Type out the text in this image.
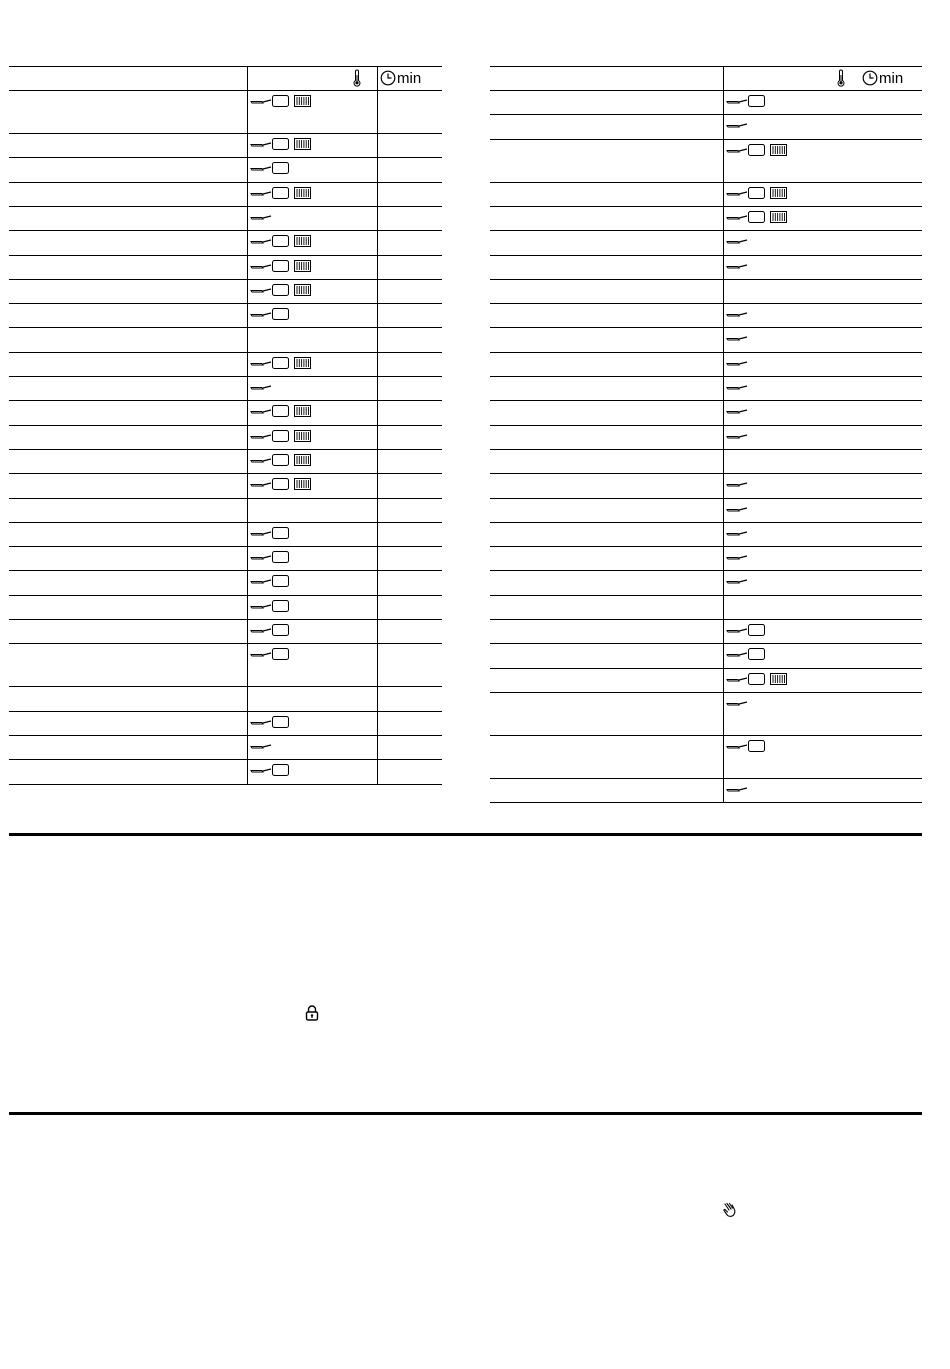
min	min
